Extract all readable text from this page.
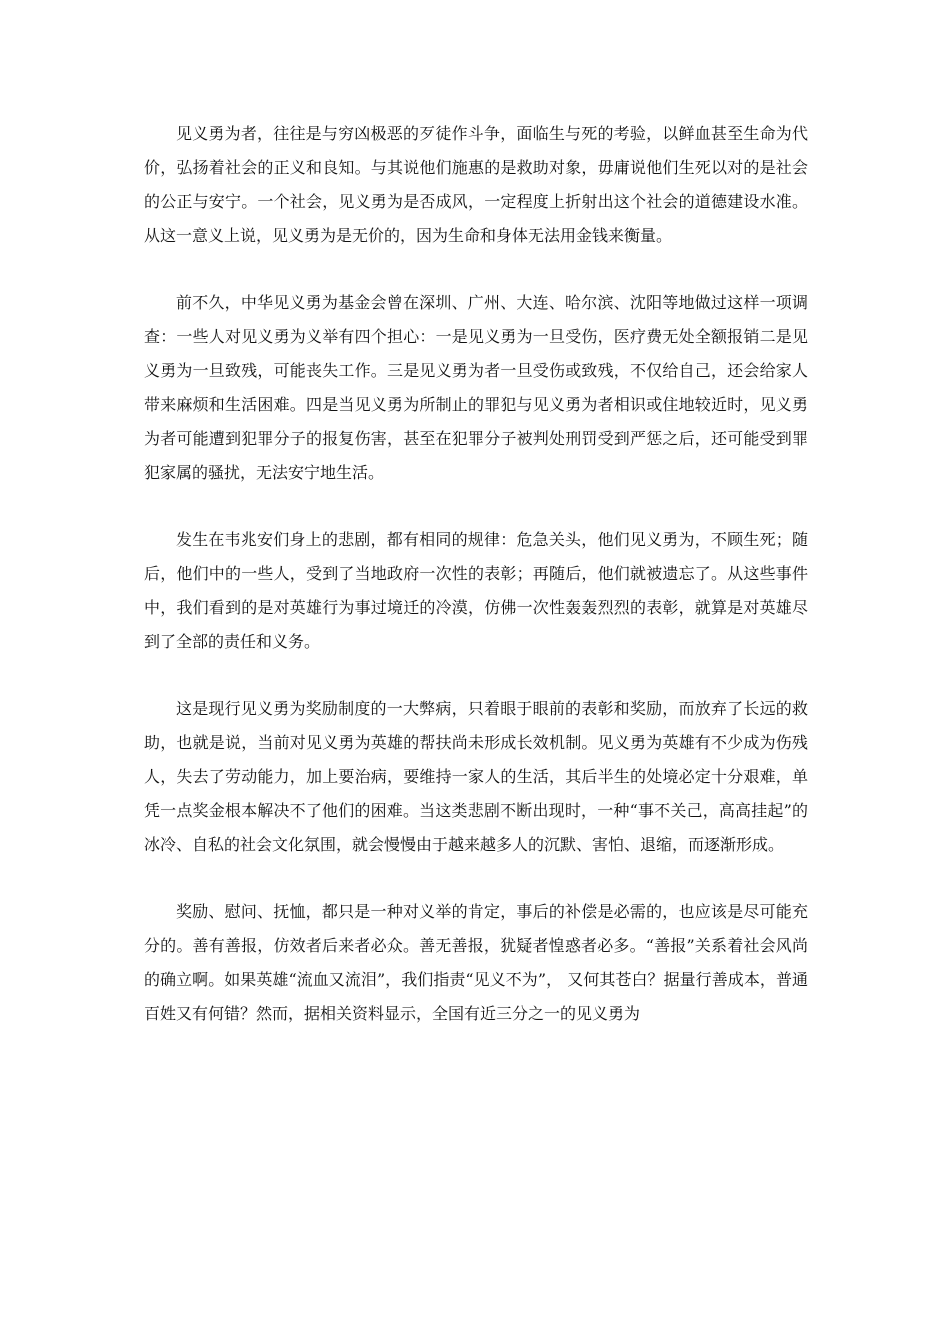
见义勇为者，往往是与穷凶极恶的歹徒作斗争，面临生与死的考验，以鲜血甚至生命为代价，弘扬着社会的正义和良知。与其说他们施惠的是救助对象，毋庸说他们生死以对的是社会的公正与安宁。一个社会，见义勇为是否成风，一定程度上折射出这个社会的道德建设水准。从这一意义上说，见义勇为是无价的，因为生命和身体无法用金钱来衡量。

前不久，中华见义勇为基金会曾在深圳、广州、大连、哈尔滨、沈阳等地做过这样一项调查：一些人对见义勇为义举有四个担心：一是见义勇为一旦受伤，医疗费无处全额报销二是见义勇为一旦致残，可能丧失工作。三是见义勇为者一旦受伤或致残，不仅给自己，还会给家人带来麻烦和生活困难。四是当见义勇为所制止的罪犯与见义勇为者相识或住地较近时，见义勇为者可能遭到犯罪分子的报复伤害，甚至在犯罪分子被判处刑罚受到严惩之后，还可能受到罪犯家属的骚扰，无法安宁地生活。

发生在韦兆安们身上的悲剧，都有相同的规律：危急关头，他们见义勇为，不顾生死；随后，他们中的一些人，受到了当地政府一次性的表彰；再随后，他们就被遗忘了。从这些事件中，我们看到的是对英雄行为事过境迁的冷漠，仿佛一次性轰轰烈烈的表彰，就算是对英雄尽到了全部的责任和义务。

这是现行见义勇为奖励制度的一大弊病，只着眼于眼前的表彰和奖励，而放弃了长远的救助，也就是说，当前对见义勇为英雄的帮扶尚未形成长效机制。见义勇为英雄有不少成为伤残人，失去了劳动能力，加上要治病，要维持一家人的生活，其后半生的处境必定十分艰难，单凭一点奖金根本解决不了他们的困难。当这类悲剧不断出现时，一种“事不关己，高高挂起”的冰冷、自私的社会文化氛围，就会慢慢由于越来越多人的沉默、害怕、退缩，而逐渐形成。

奖励、慰问、抚恤，都只是一种对义举的肯定，事后的补偿是必需的，也应该是尽可能充分的。善有善报，仿效者后来者必众。善无善报，犹疑者惶惑者必多。“善报”关系着社会风尚的确立啊。如果英雄“流血又流泪”，我们指责“见义不为”， 又何其苍白？据量行善成本，普通百姓又有何错？然而，据相关资料显示，全国有近三分之一的见义勇为
